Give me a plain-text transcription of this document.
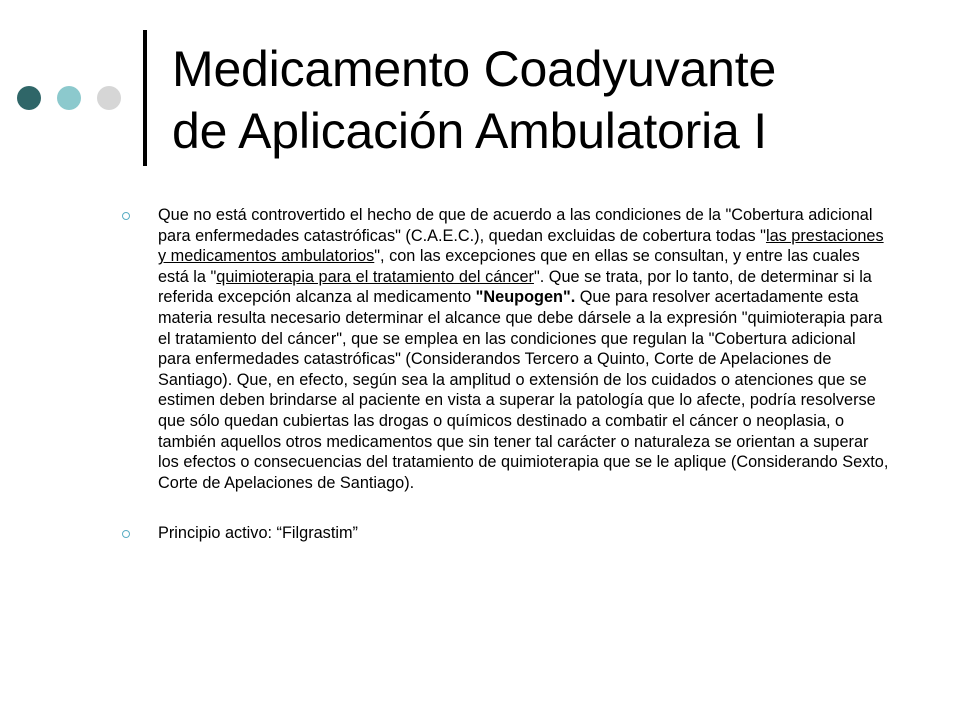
Medicamento Coadyuvante
de Aplicación Ambulatoria I
Que no está controvertido el hecho de que de acuerdo a las condiciones de la "Cobertura adicional para enfermedades catastróficas" (C.A.E.C.), quedan excluidas de cobertura todas "las prestaciones y medicamentos ambulatorios", con las excepciones que en ellas se consultan, y entre las cuales está la "quimioterapia para el tratamiento del cáncer". Que se trata, por lo tanto, de determinar si la referida excepción alcanza al medicamento "Neupogen". Que para resolver acertadamente esta materia resulta necesario determinar el alcance que debe dársele a la expresión "quimioterapia para el tratamiento del cáncer", que se emplea en las condiciones que regulan la "Cobertura adicional para enfermedades catastróficas" (Considerandos Tercero a Quinto, Corte de Apelaciones de Santiago). Que, en efecto, según sea la amplitud o extensión de los cuidados o atenciones que se estimen deben brindarse al paciente en vista a superar la patología que lo afecte, podría resolverse que sólo quedan cubiertas las drogas o químicos destinado a combatir el cáncer o neoplasia, o también aquellos otros medicamentos que sin tener tal carácter o naturaleza se orientan a superar los efectos o consecuencias del tratamiento de quimioterapia que se le aplique (Considerando Sexto, Corte de Apelaciones de Santiago).
Principio activo: “Filgrastim”
